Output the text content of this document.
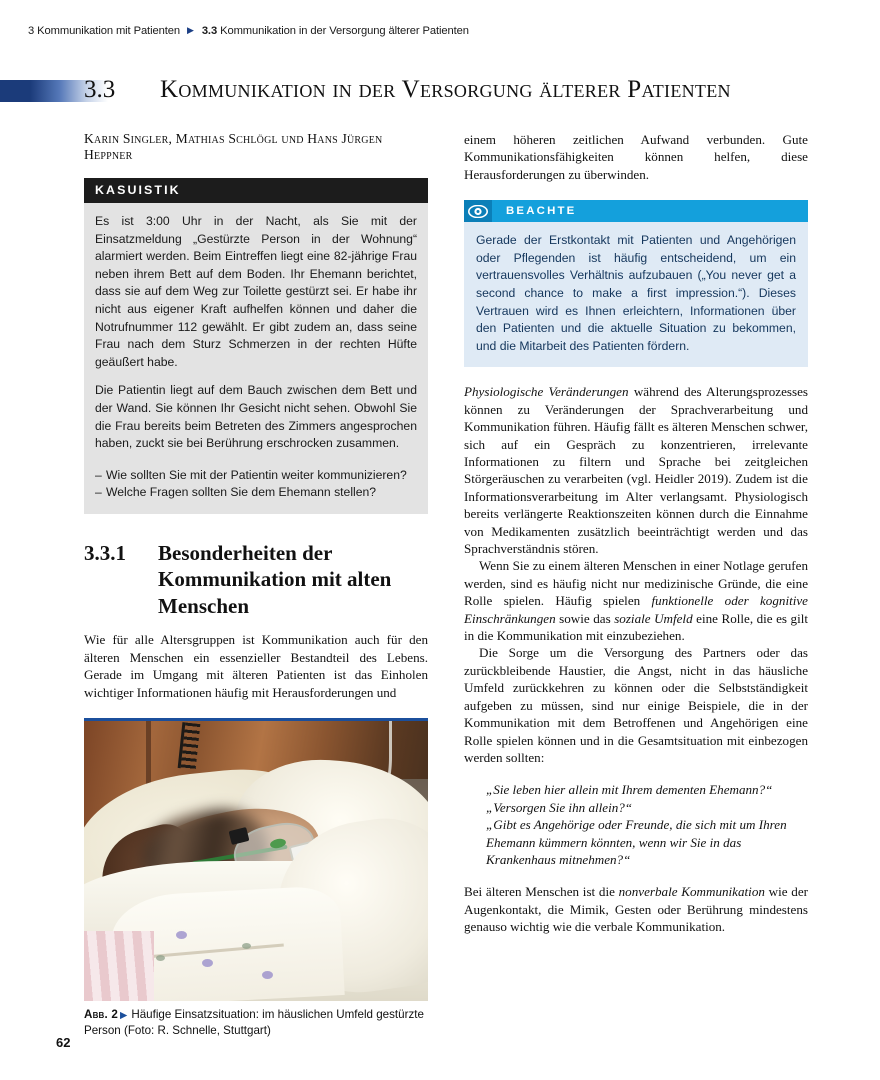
3 Kommunikation mit Patienten ▶ 3.3 Kommunikation in der Versorgung älterer Patienten
3.3 Kommunikation in der Versorgung älterer Patienten
Karin Singler, Mathias Schlögl und Hans Jürgen Heppner
KASUISTIK

Es ist 3:00 Uhr in der Nacht, als Sie mit der Einsatzmeldung „Gestürzte Person in der Wohnung“ alarmiert werden. Beim Eintreffen liegt eine 82-jährige Frau neben ihrem Bett auf dem Boden. Ihr Ehemann berichtet, dass sie auf dem Weg zur Toilette gestürzt sei. Er habe ihr nicht aus eigener Kraft aufhelfen können und daher die Notrufnummer 112 gewählt. Er gibt zudem an, dass seine Frau nach dem Sturz Schmerzen in der rechten Hüfte geäußert habe.

Die Patientin liegt auf dem Bauch zwischen dem Bett und der Wand. Sie können Ihr Gesicht nicht sehen. Obwohl Sie die Frau bereits beim Betreten des Zimmers angesprochen haben, zuckt sie bei Berührung erschrocken zusammen.

– Wie sollten Sie mit der Patientin weiter kommunizieren?
– Welche Fragen sollten Sie dem Ehemann stellen?

3.3.1 Besonderheiten der Kommunikation mit alten Menschen

Wie für alle Altersgruppen ist Kommunikation auch für den älteren Menschen ein essenzieller Bestandteil des Lebens. Gerade im Umgang mit älteren Patienten ist das Einholen wichtiger Informationen häufig mit Herausforderungen und

Abb. 2 ▶ Häufige Einsatzsituation: im häuslichen Umfeld gestürzte Person (Foto: R. Schnelle, Stuttgart)

einem höheren zeitlichen Aufwand verbunden. Gute Kommunikationsfähigkeiten können helfen, diese Herausforderungen zu überwinden.

BEACHTE

Gerade der Erstkontakt mit Patienten und Angehörigen oder Pflegenden ist häufig entscheidend, um ein vertrauensvolles Verhältnis aufzubauen („You never get a second chance to make a first impression.“). Dieses Vertrauen wird es Ihnen erleichtern, Informationen über den Patienten und die aktuelle Situation zu bekommen, und die Mitarbeit des Patienten fördern.

Physiologische Veränderungen während des Alterungsprozesses können zu Veränderungen der Sprachverarbeitung und Kommunikation führen. Häufig fällt es älteren Menschen schwer, sich auf ein Gespräch zu konzentrieren, irrelevante Informationen zu filtern und Sprache bei zeitgleichen Störgeräuschen zu verarbeiten (vgl. Heidler 2019). Zudem ist die Informationsverarbeitung im Alter verlangsamt. Physiologisch bereits verlängerte Reaktionszeiten können durch die Einnahme von Medikamenten zusätzlich beeinträchtigt werden und das Sprachverständnis stören.

Wenn Sie zu einem älteren Menschen in einer Notlage gerufen werden, sind es häufig nicht nur medizinische Gründe, die eine Rolle spielen. Häufig spielen funktionelle oder kognitive Einschränkungen sowie das soziale Umfeld eine Rolle, die es gilt in die Kommunikation mit einzubeziehen.

Die Sorge um die Versorgung des Partners oder das zurückbleibende Haustier, die Angst, nicht in das häusliche Umfeld zurückkehren zu können oder die Selbstständigkeit aufgeben zu müssen, sind nur einige Beispiele, die in der Kommunikation mit dem Betroffenen und Angehörigen eine Rolle spielen können und in die Gesamtsituation mit einbezogen werden sollten:

„Sie leben hier allein mit Ihrem dementen Ehemann?“

„Versorgen Sie ihn allein?“

„Gibt es Angehörige oder Freunde, die sich mit um Ihren Ehemann kümmern könnten, wenn wir Sie in das Krankenhaus mitnehmen?“

Bei älteren Menschen ist die nonverbale Kommunikation wie der Augenkontakt, die Mimik, Gesten oder Berührung mindestens genauso wichtig wie die verbale Kommunikation.

62
